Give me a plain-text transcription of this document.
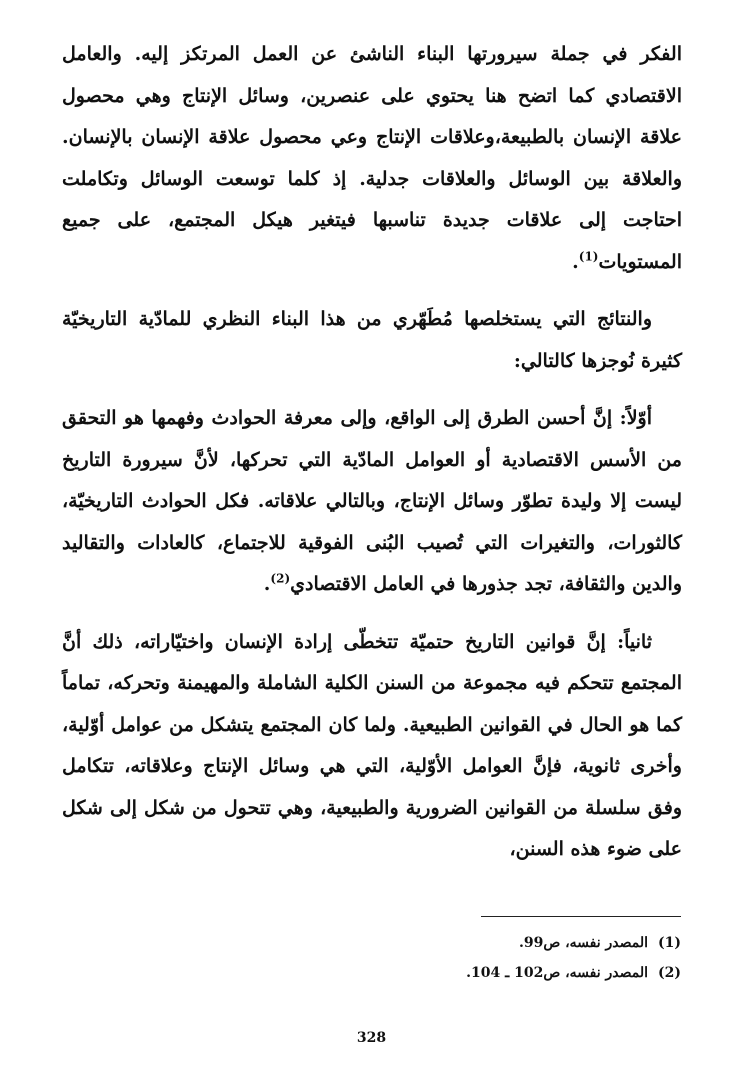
الفكر في جملة سيرورتها البناء الناشئ عن العمل المرتكز إليه. والعامل الاقتصادي كما اتضح هنا يحتوي على عنصرين، وسائل الإنتاج وهي محصول علاقة الإنسان بالطبيعة،وعلاقات الإنتاج وعي محصول علاقة الإنسان بالإنسان. والعلاقة بين الوسائل والعلاقات جدلية. إذ كلما توسعت الوسائل وتكاملت احتاجت إلى علاقات جديدة تناسبها فيتغير هيكل المجتمع، على جميع المستويات$^{(1)}$.

والنتائج التي يستخلصها مُطَهّري من هذا البناء النظري للمادّية التاريخيّة كثيرة نُوجزها كالتالي:

أوّلاً: إنَّ أحسن الطرق إلى الواقع، وإلى معرفة الحوادث وفهمها هو التحقق من الأسس الاقتصادية أو العوامل المادّية التي تحركها، لأنَّ سيرورة التاريخ ليست إلا وليدة تطوّر وسائل الإنتاج، وبالتالي علاقاته. فكل الحوادث التاريخيّة، كالثورات، والتغيرات التي تُصيب البُنى الفوقية للاجتماع، كالعادات والتقاليد والدين والثقافة، تجد جذورها في العامل الاقتصادي$^{(2)}$.

ثانياً: إنَّ قوانين التاريخ حتميّة تتخطّى إرادة الإنسان واختيّاراته، ذلك أنَّ المجتمع تتحكم فيه مجموعة من السنن الكلية الشاملة والمهيمنة وتحركه، تماماً كما هو الحال في القوانين الطبيعية. ولما كان المجتمع يتشكل من عوامل أوّلية، وأخرى ثانوية، فإنَّ العوامل الأوّلية، التي هي وسائل الإنتاج وعلاقاته، تتكامل وفق سلسلة من القوانين الضرورية والطبيعية، وهي تتحول من شكل إلى شكل على ضوء هذه السنن،

(1)المصدر نفسه، ص99.
(2)المصدر نفسه، ص102 ـ 104.
328
